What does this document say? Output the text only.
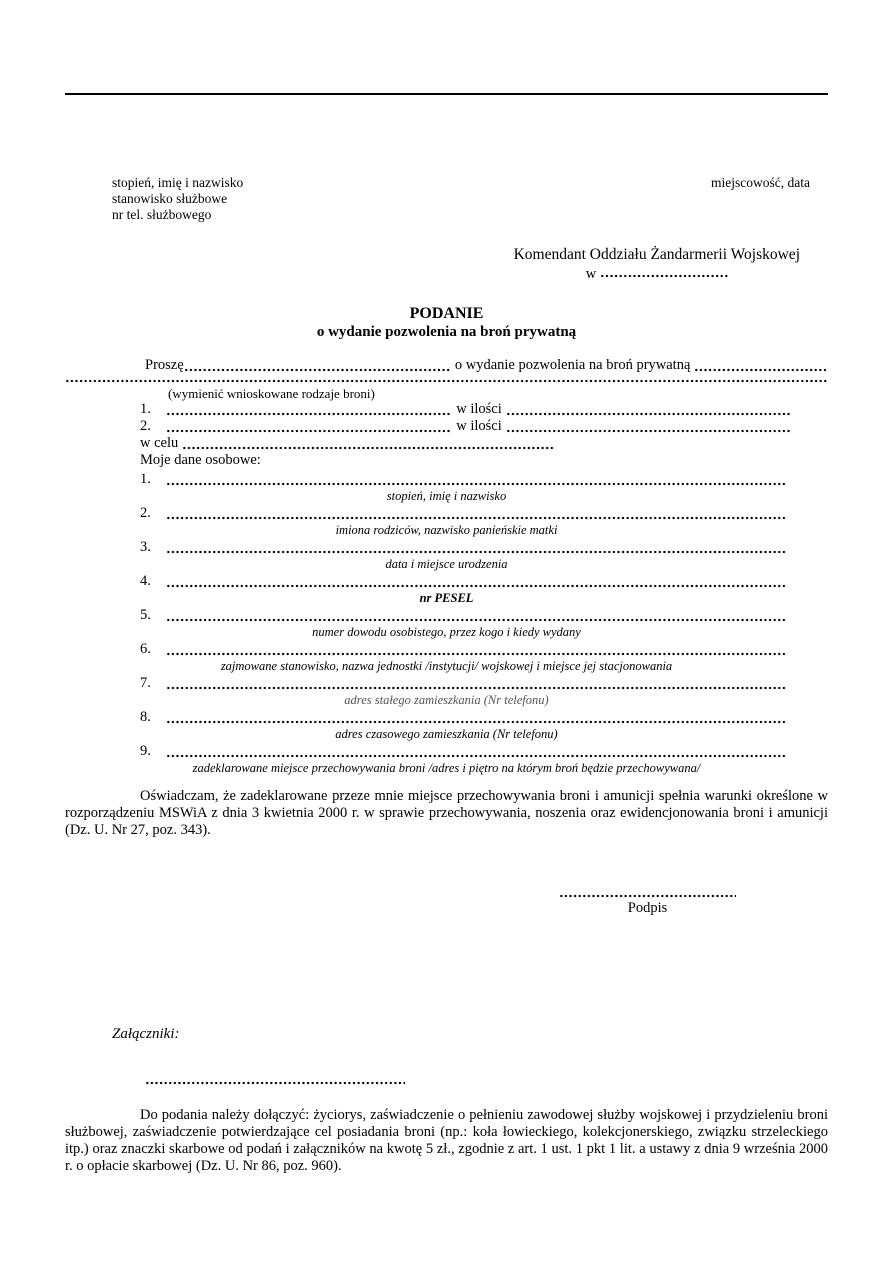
stopień, imię i nazwisko
stanowisko służbowe
nr tel. służbowego
miejscowość, data
Komendant Oddziału Żandarmerii Wojskowej
w
PODANIE
o wydanie pozwolenia na broń prywatną
Proszę	o wydanie pozwolenia na broń prywatną
(wymienić wnioskowane rodzaje broni)
1.	w ilości
2.	w ilości
w celu
Moje dane osobowe:
1.
stopień, imię i nazwisko
2.
imiona rodziców, nazwisko panieńskie matki
3.
data i miejsce urodzenia
4.
nr PESEL
5.
numer dowodu osobistego, przez kogo i kiedy wydany
6.
zajmowane stanowisko, nazwa jednostki /instytucji/ wojskowej i miejsce jej stacjonowania
7.
adres stałego zamieszkania (Nr telefonu)
8.
adres czasowego zamieszkania (Nr telefonu)
9.
zadeklarowane miejsce przechowywania broni /adres i piętro na którym broń będzie przechowywana/

Oświadczam, że zadeklarowane przeze mnie miejsce przechowywania broni i amunicji spełnia warunki określone w rozporządzeniu MSWiA z dnia 3 kwietnia 2000 r. w sprawie przechowywania, noszenia oraz ewidencjonowania broni i amunicji (Dz. U. Nr 27, poz. 343).

Podpis
Załączniki:

Do podania należy dołączyć: życiorys, zaświadczenie o pełnieniu zawodowej służby wojskowej i przydzieleniu broni służbowej, zaświadczenie potwierdzające cel posiadania broni (np.: koła łowieckiego, kolekcjonerskiego, związku strzeleckiego itp.) oraz znaczki skarbowe od podań i załączników na kwotę 5 zł., zgodnie z art. 1 ust. 1 pkt 1 lit. a ustawy z dnia 9 września 2000 r. o opłacie skarbowej (Dz. U. Nr 86, poz. 960).
